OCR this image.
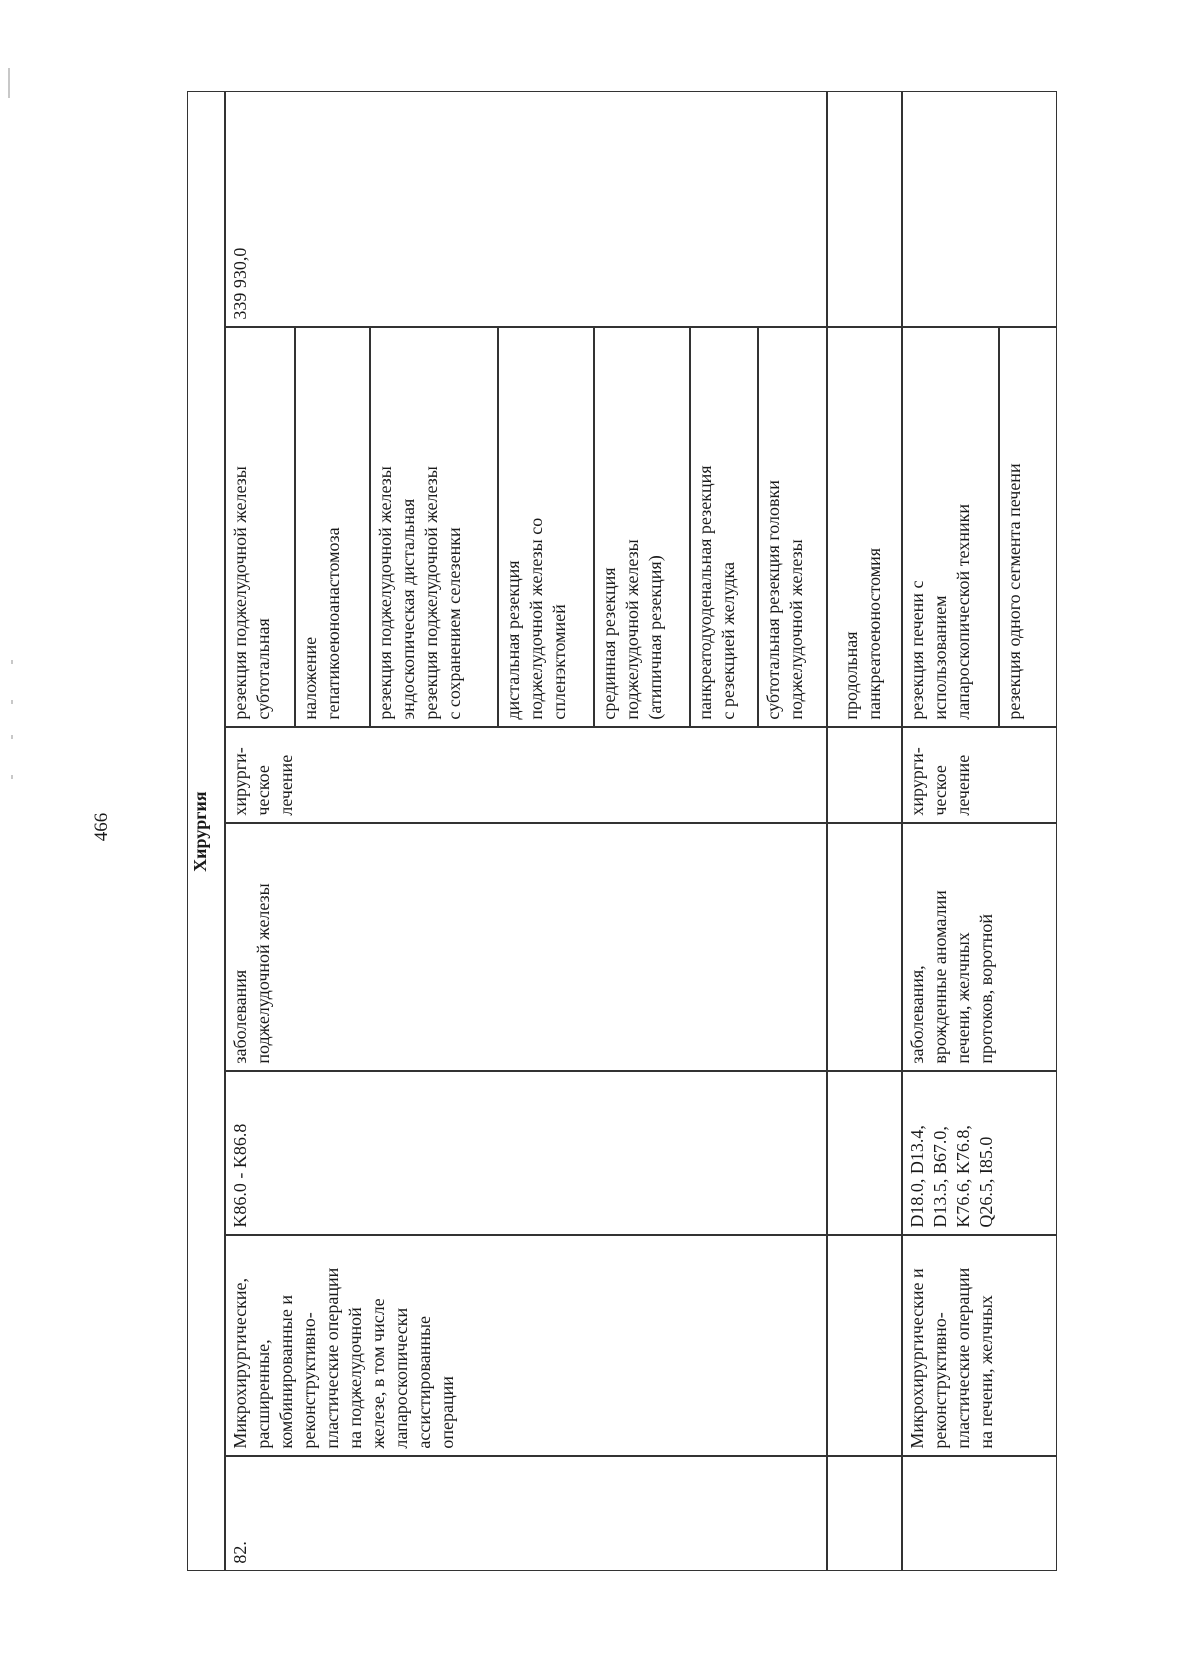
466	Хирургия
82.
Микрохирургические, расширенные, комбинированные и реконструктивно- пластические операции на поджелудочной железе, в том числе лапароскопически ассистированные операции
K86.0 - K86.8
заболевания поджелудочной железы
хирурги- ческое лечение
резекция поджелудочной железы субтотальная наложение гепатикоеюноанастомоза резекция поджелудочной железы эндоскопическая дистальная резекция поджелудочной железы с сохранением селезенки дистальная резекция поджелудочной железы со спленэктомией срединная резекция поджелудочной железы (атипичная резекция) панкреатодуоденальная резекция с резекцией желудка субтотальная резекция головки поджелудочной железы
339 930,0
продольная панкреатоеюностомия
Микрохирургические и реконструктивно- пластические операции на печени, желчных
D18.0, D13.4, D13.5, B67.0, K76.6, K76.8, Q26.5, I85.0
заболевания, врожденные аномалии печени, желчных протоков, воротной
хирурги- ческое лечение
резекция печени с использованием лапароскопической техники резекция одного сегмента печени
